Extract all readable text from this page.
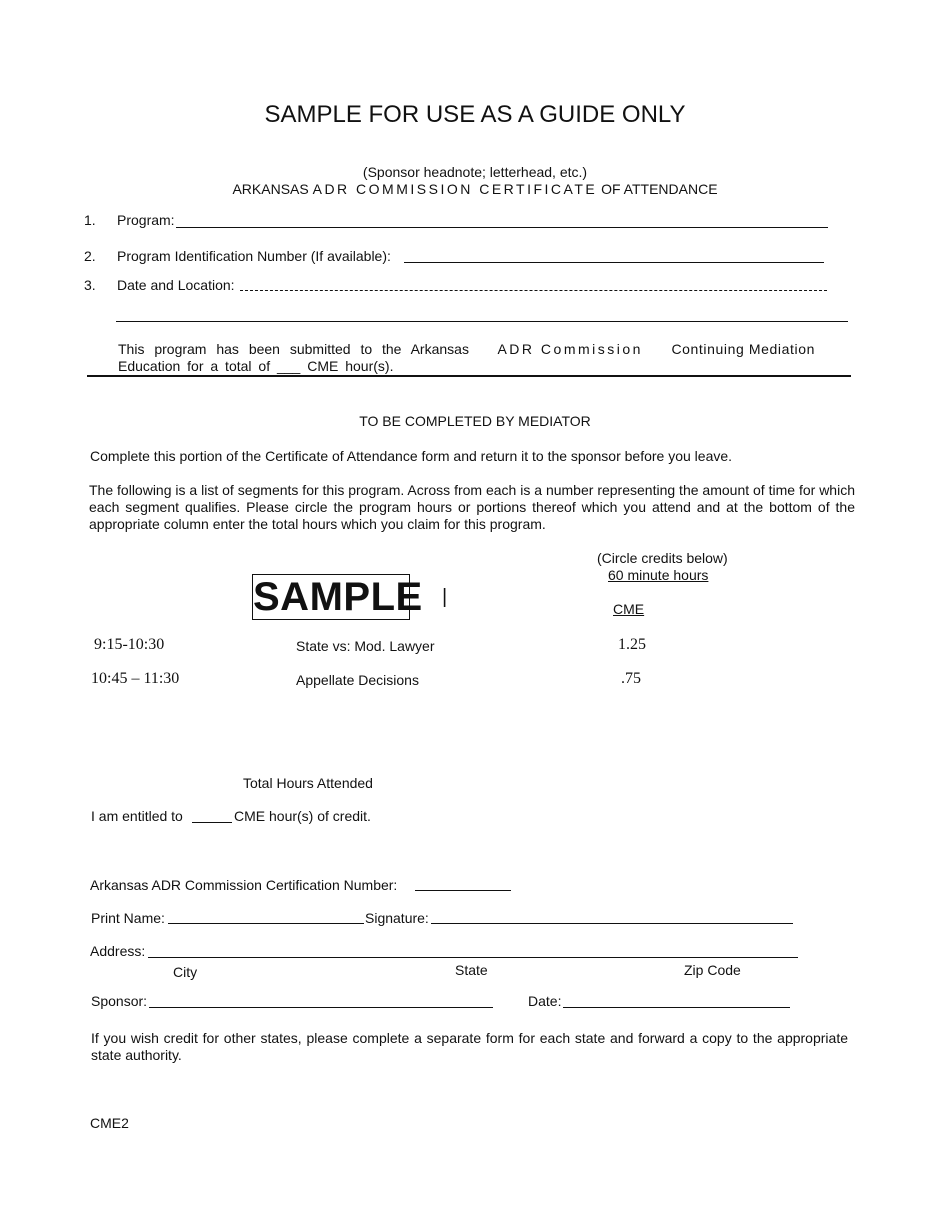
SAMPLE FOR USE AS A GUIDE ONLY
(Sponsor headnote; letterhead, etc.)
ARKANSAS ADR COMMISSION CERTIFICATE OF ATTENDANCE
1. Program:
2. Program Identification Number (If available):
3. Date and Location:
This program has been submitted to the Arkansas ADR Commission Continuing Mediation
Education for a total of ___ CME hour(s).
TO BE COMPLETED BY MEDIATOR
Complete this portion of the Certificate of Attendance form and return it to the sponsor before you leave.
The following is a list of segments for this program. Across from each is a number representing the amount of time for which each segment qualifies. Please circle the program hours or portions thereof which you attend and at the bottom of the appropriate column enter the total hours which you claim for this program.
(Circle credits below)
60 minute hours
SAMPLE |
CME
9:15-10:30	State vs: Mod. Lawyer	1.25
10:45 – 11:30	Appellate Decisions	.75
Total Hours Attended
I am entitled to	CME hour(s) of credit.
Arkansas ADR Commission Certification Number:
Print Name:	Signature:
Address:
City	State	Zip Code
Sponsor:	Date:
If you wish credit for other states, please complete a separate form for each state and forward a copy to the appropriate state authority.
CME2
